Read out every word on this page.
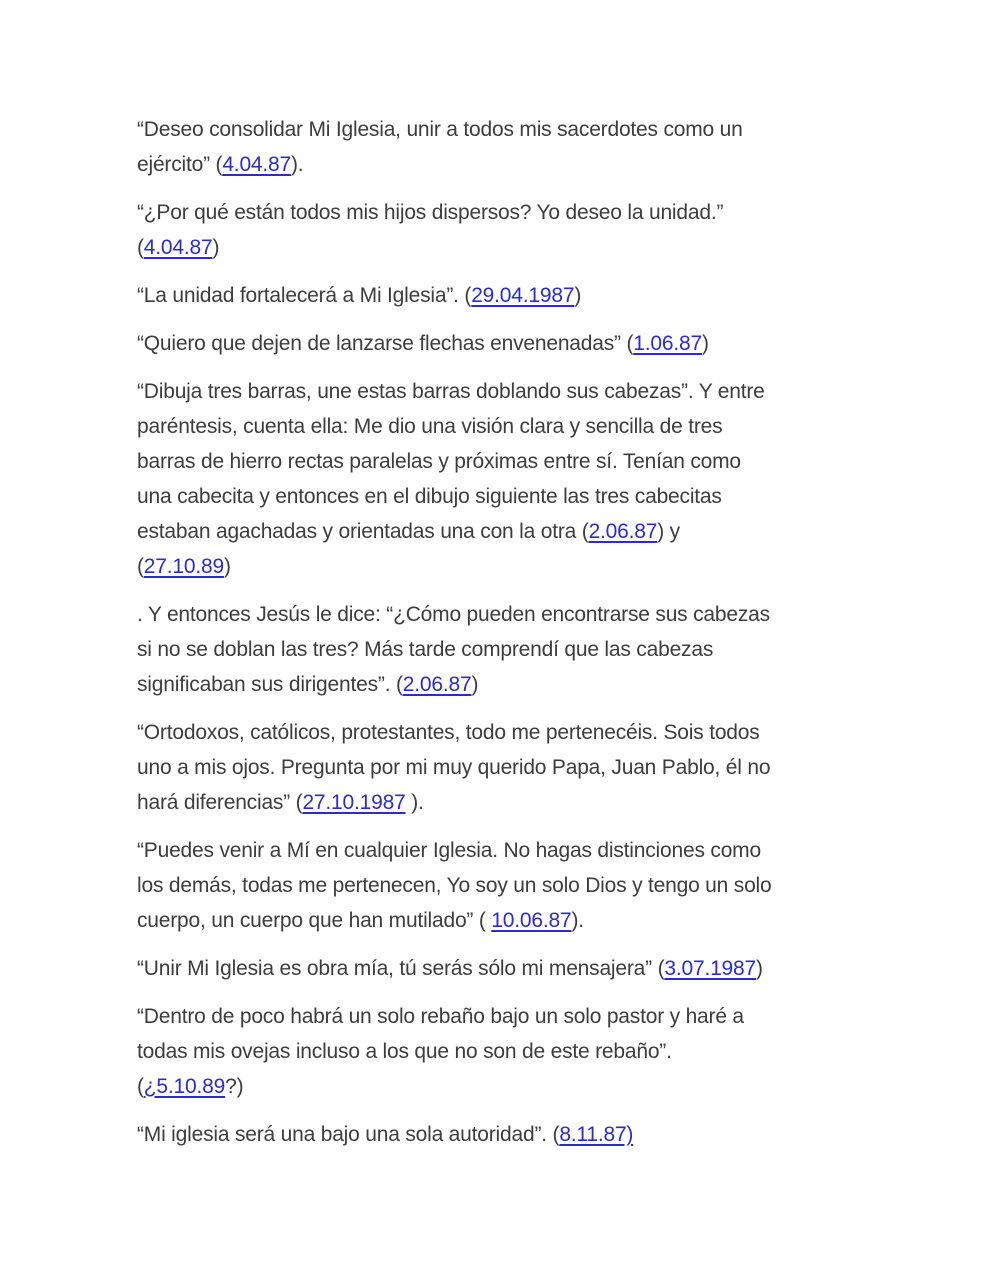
“Deseo consolidar Mi Iglesia, unir a todos mis sacerdotes como un
ejército” (4.04.87).

“¿Por qué están todos mis hijos dispersos? Yo deseo la unidad.”
(4.04.87)

“La unidad fortalecerá a Mi Iglesia”. (29.04.1987)

“Quiero que dejen de lanzarse flechas envenenadas” (1.06.87)

“Dibuja tres barras, une estas barras doblando sus cabezas”. Y entre
paréntesis, cuenta ella: Me dio una visión clara y sencilla de tres
barras de hierro rectas paralelas y próximas entre sí. Tenían como
una cabecita y entonces en el dibujo siguiente las tres cabecitas
estaban agachadas y orientadas una con la otra (2.06.87) y
(27.10.89)

. Y entonces Jesús le dice: “¿Cómo pueden encontrarse sus cabezas
si no se doblan las tres? Más tarde comprendí que las cabezas
significaban sus dirigentes”. (2.06.87)

“Ortodoxos, católicos, protestantes, todo me pertenecéis. Sois todos
uno a mis ojos. Pregunta por mi muy querido Papa, Juan Pablo, él no
hará diferencias” (27.10.1987 ).

“Puedes venir a Mí en cualquier Iglesia. No hagas distinciones como
los demás, todas me pertenecen, Yo soy un solo Dios y tengo un solo
cuerpo, un cuerpo que han mutilado” ( 10.06.87).

“Unir Mi Iglesia es obra mía, tú serás sólo mi mensajera” (3.07.1987)

“Dentro de poco habrá un solo rebaño bajo un solo pastor y haré a
todas mis ovejas incluso a los que no son de este rebaño”.
(¿5.10.89?)

“Mi iglesia será una bajo una sola autoridad”. (8.11.87)
